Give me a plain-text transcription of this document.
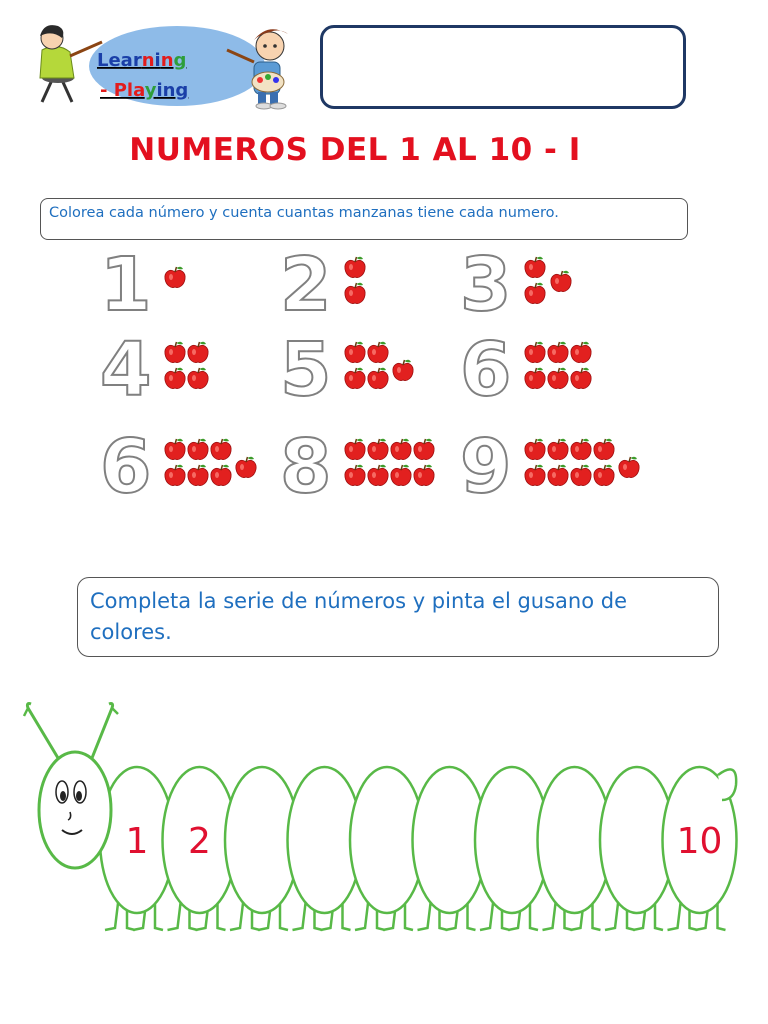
Learning
- Playing
NUMEROS DEL 1 AL 10 - I
Colorea cada número y cuenta cuantas manzanas tiene cada numero.
1 2 3
4 5 6
6 8 9
Completa la serie de números y pinta el gusano de colores.
1 2	10
